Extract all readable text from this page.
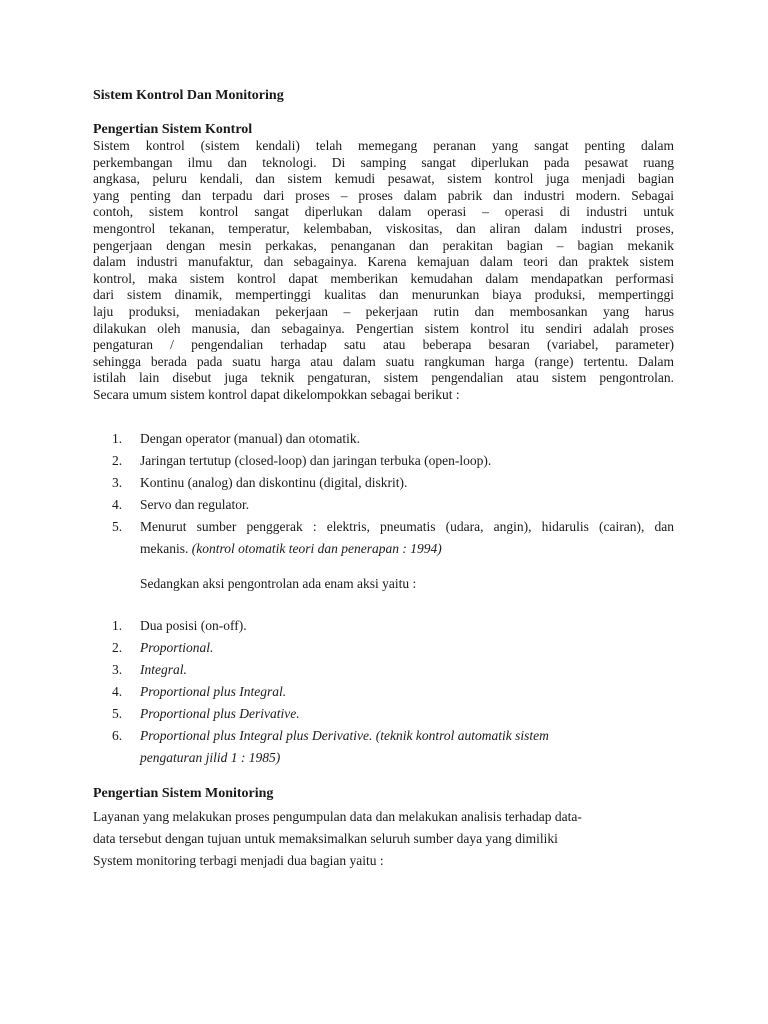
Sistem Kontrol Dan Monitoring
Pengertian Sistem Kontrol
Sistem kontrol (sistem kendali) telah memegang peranan yang sangat penting dalam
perkembangan ilmu dan teknologi. Di samping sangat diperlukan pada pesawat ruang
angkasa, peluru kendali, dan sistem kemudi pesawat, sistem kontrol juga menjadi bagian
yang penting dan terpadu dari proses – proses dalam pabrik dan industri modern. Sebagai
contoh, sistem kontrol sangat diperlukan dalam operasi – operasi di industri untuk
mengontrol tekanan, temperatur, kelembaban, viskositas, dan aliran dalam industri proses,
pengerjaan dengan mesin perkakas, penanganan dan perakitan bagian – bagian mekanik
dalam industri manufaktur, dan sebagainya. Karena kemajuan dalam teori dan praktek sistem
kontrol, maka sistem kontrol dapat memberikan kemudahan dalam mendapatkan performasi
dari sistem dinamik, mempertinggi kualitas dan menurunkan biaya produksi, mempertinggi
laju produksi, meniadakan pekerjaan – pekerjaan rutin dan membosankan yang harus
dilakukan oleh manusia, dan sebagainya. Pengertian sistem kontrol itu sendiri adalah proses
pengaturan / pengendalian terhadap satu atau beberapa besaran (variabel, parameter)
sehingga berada pada suatu harga atau dalam suatu rangkuman harga (range) tertentu. Dalam
istilah lain disebut juga teknik pengaturan, sistem pengendalian atau sistem pengontrolan.
Secara umum sistem kontrol dapat dikelompokkan sebagai berikut :
1.	Dengan operator (manual) dan otomatik.
2.	Jaringan tertutup (closed-loop) dan jaringan terbuka (open-loop).
3.	Kontinu (analog) dan diskontinu (digital, diskrit).
4.	Servo dan regulator.
5.	Menurut sumber penggerak : elektris, pneumatis (udara, angin), hidarulis (cairan), dan
mekanis. (kontrol otomatik teori dan penerapan : 1994)
Sedangkan aksi pengontrolan ada enam aksi yaitu :
1.	Dua posisi (on-off).
2.	Proportional.
3.	Integral.
4.	Proportional plus Integral.
5.	Proportional plus Derivative.
6.	Proportional plus Integral plus Derivative. (teknik kontrol automatik sistem
pengaturan jilid 1 : 1985)
Pengertian Sistem Monitoring
Layanan yang melakukan proses pengumpulan data dan melakukan analisis terhadap data-
data tersebut dengan tujuan untuk memaksimalkan seluruh sumber daya yang dimiliki
System monitoring terbagi menjadi dua bagian yaitu :
